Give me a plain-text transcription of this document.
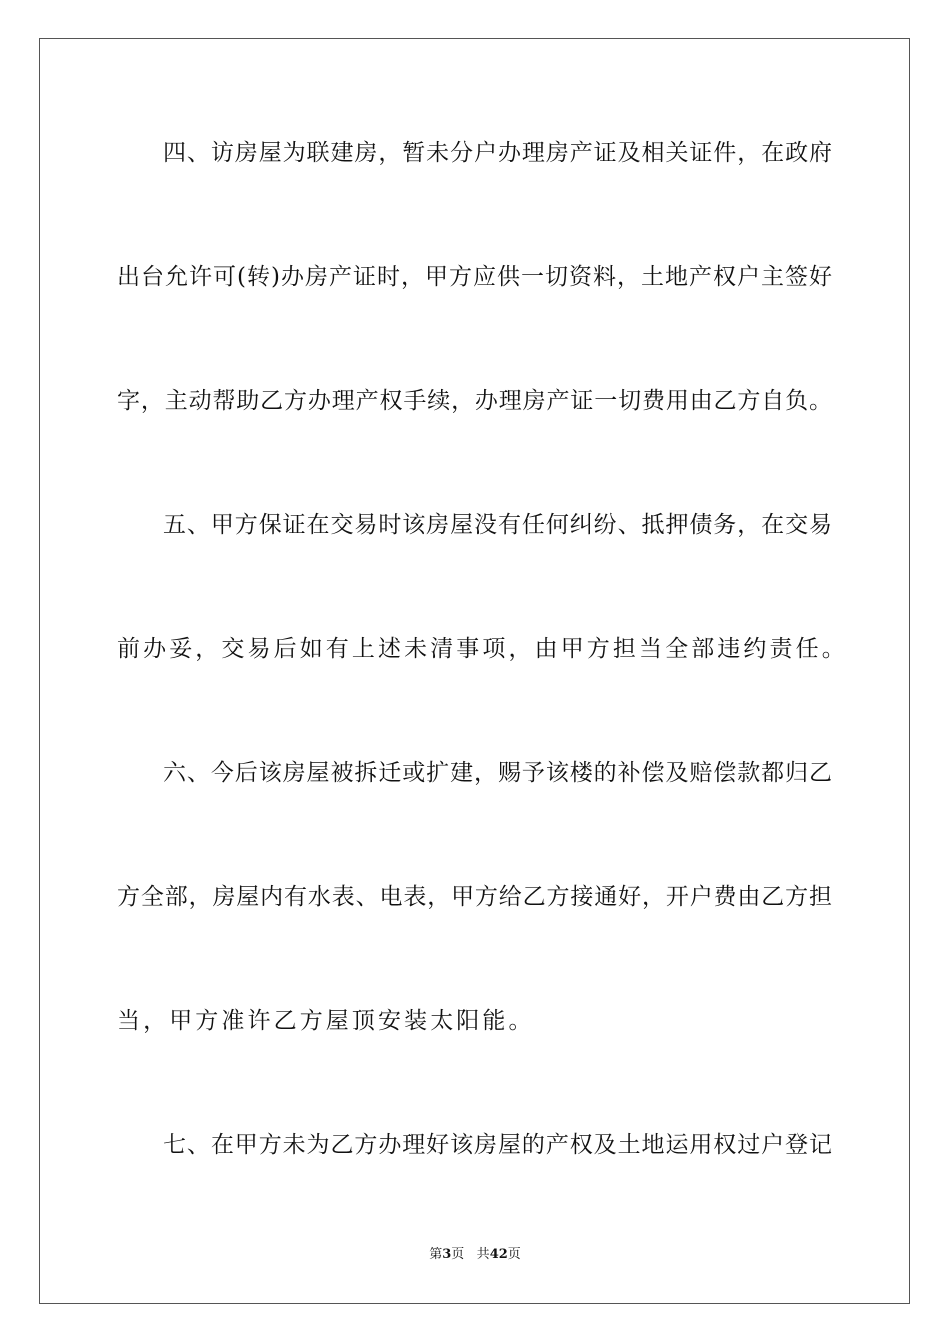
四、访房屋为联建房，暂未分户办理房产证及相关证件，在政府
出台允许可(转)办房产证时，甲方应供一切资料，土地产权户主签好
字，主动帮助乙方办理产权手续，办理房产证一切费用由乙方自负。
五、甲方保证在交易时该房屋没有任何纠纷、抵押债务，在交易
前办妥，交易后如有上述未清事项，由甲方担当全部违约责任。
六、今后该房屋被拆迁或扩建，赐予该楼的补偿及赔偿款都归乙
方全部，房屋内有水表、电表，甲方给乙方接通好，开户费由乙方担
当，甲方准许乙方屋顶安装太阳能。
七、在甲方未为乙方办理好该房屋的产权及土地运用权过户登记
第3页 共42页
